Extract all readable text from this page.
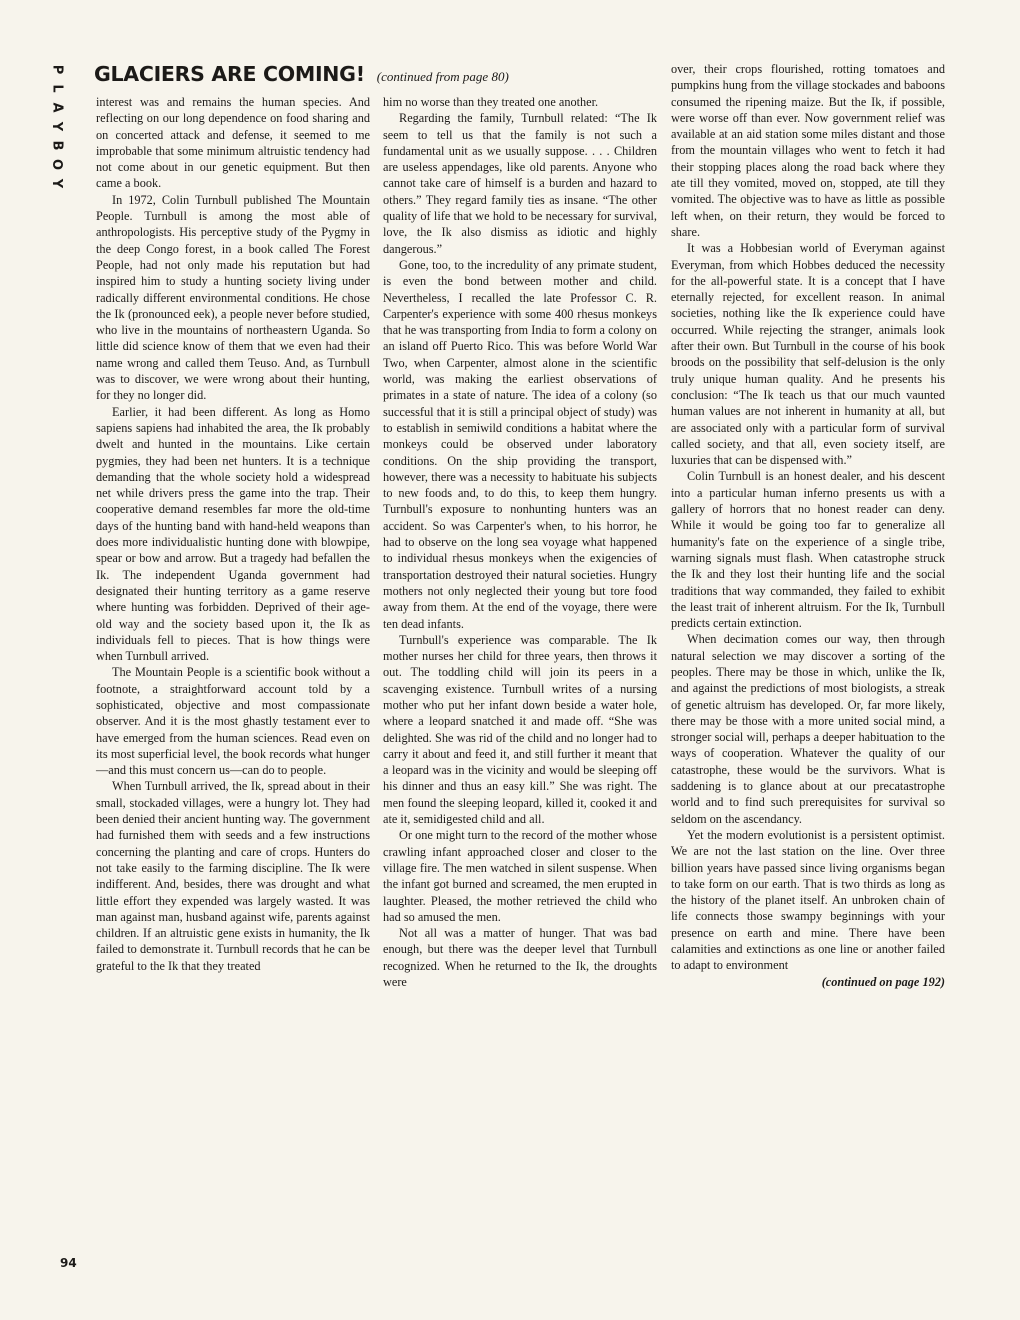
P
L
A
Y
B
O
Y
GLACIERS ARE COMING! (continued from page 80)

interest was and remains the human species. And reflecting on our long dependence on food sharing and on concerted attack and defense, it seemed to me improbable that some minimum altruistic tendency had not come about in our genetic equipment. But then came a book.

In 1972, Colin Turnbull published The Mountain People. Turnbull is among the most able of anthropologists. His perceptive study of the Pygmy in the deep Congo forest, in a book called The Forest People, had not only made his reputation but had inspired him to study a hunting society living under radically different environmental conditions. He chose the Ik (pronounced eek), a people never before studied, who live in the mountains of northeastern Uganda. So little did science know of them that we even had their name wrong and called them Teuso. And, as Turnbull was to discover, we were wrong about their hunting, for they no longer did.

Earlier, it had been different. As long as Homo sapiens sapiens had inhabited the area, the Ik probably dwelt and hunted in the mountains. Like certain pygmies, they had been net hunters. It is a technique demanding that the whole society hold a widespread net while drivers press the game into the trap. Their cooperative demand resembles far more the old-time days of the hunting band with hand-held weapons than does more individualistic hunting done with blowpipe, spear or bow and arrow. But a tragedy had befallen the Ik. The independent Uganda government had designated their hunting territory as a game reserve where hunting was forbidden. Deprived of their age-old way and the society based upon it, the Ik as individuals fell to pieces. That is how things were when Turnbull arrived.

The Mountain People is a scientific book without a footnote, a straightforward account told by a sophisticated, objective and most compassionate observer. And it is the most ghastly testament ever to have emerged from the human sciences. Read even on its most superficial level, the book records what hunger—and this must concern us—can do to people.

When Turnbull arrived, the Ik, spread about in their small, stockaded villages, were a hungry lot. They had been denied their ancient hunting way. The government had furnished them with seeds and a few instructions concerning the planting and care of crops. Hunters do not take easily to the farming discipline. The Ik were indifferent. And, besides, there was drought and what little effort they expended was largely wasted. It was man against man, husband against wife, parents against children. If an altruistic gene exists in humanity, the Ik failed to demonstrate it. Turnbull records that he can be grateful to the Ik that they treated

him no worse than they treated one another.

Regarding the family, Turnbull related: “The Ik seem to tell us that the family is not such a fundamental unit as we usually suppose. . . . Children are useless appendages, like old parents. Anyone who cannot take care of himself is a burden and hazard to others.” They regard family ties as insane. “The other quality of life that we hold to be necessary for survival, love, the Ik also dismiss as idiotic and highly dangerous.”

Gone, too, to the incredulity of any primate student, is even the bond between mother and child. Nevertheless, I recalled the late Professor C. R. Carpenter's experience with some 400 rhesus monkeys that he was transporting from India to form a colony on an island off Puerto Rico. This was before World War Two, when Carpenter, almost alone in the scientific world, was making the earliest observations of primates in a state of nature. The idea of a colony (so successful that it is still a principal object of study) was to establish in semiwild conditions a habitat where the monkeys could be observed under laboratory conditions. On the ship providing the transport, however, there was a necessity to habituate his subjects to new foods and, to do this, to keep them hungry. Turnbull's exposure to nonhunting hunters was an accident. So was Carpenter's when, to his horror, he had to observe on the long sea voyage what happened to individual rhesus monkeys when the exigencies of transportation destroyed their natural societies. Hungry mothers not only neglected their young but tore food away from them. At the end of the voyage, there were ten dead infants.

Turnbull's experience was comparable. The Ik mother nurses her child for three years, then throws it out. The toddling child will join its peers in a scavenging existence. Turnbull writes of a nursing mother who put her infant down beside a water hole, where a leopard snatched it and made off. “She was delighted. She was rid of the child and no longer had to carry it about and feed it, and still further it meant that a leopard was in the vicinity and would be sleeping off his dinner and thus an easy kill.” She was right. The men found the sleeping leopard, killed it, cooked it and ate it, semidigested child and all.

Or one might turn to the record of the mother whose crawling infant approached closer and closer to the village fire. The men watched in silent suspense. When the infant got burned and screamed, the men erupted in laughter. Pleased, the mother retrieved the child who had so amused the men.

Not all was a matter of hunger. That was bad enough, but there was the deeper level that Turnbull recognized. When he returned to the Ik, the droughts were

over, their crops flourished, rotting tomatoes and pumpkins hung from the village stockades and baboons consumed the ripening maize. But the Ik, if possible, were worse off than ever. Now government relief was available at an aid station some miles distant and those from the mountain villages who went to fetch it had their stopping places along the road back where they ate till they vomited, moved on, stopped, ate till they vomited. The objective was to have as little as possible left when, on their return, they would be forced to share.

It was a Hobbesian world of Everyman against Everyman, from which Hobbes deduced the necessity for the all-powerful state. It is a concept that I have eternally rejected, for excellent reason. In animal societies, nothing like the Ik experience could have occurred. While rejecting the stranger, animals look after their own. But Turnbull in the course of his book broods on the possibility that self-delusion is the only truly unique human quality. And he presents his conclusion: “The Ik teach us that our much vaunted human values are not inherent in humanity at all, but are associated only with a particular form of survival called society, and that all, even society itself, are luxuries that can be dispensed with.”

Colin Turnbull is an honest dealer, and his descent into a particular human inferno presents us with a gallery of horrors that no honest reader can deny. While it would be going too far to generalize all humanity's fate on the experience of a single tribe, warning signals must flash. When catastrophe struck the Ik and they lost their hunting life and the social traditions that way commanded, they failed to exhibit the least trait of inherent altruism. For the Ik, Turnbull predicts certain extinction.

When decimation comes our way, then through natural selection we may discover a sorting of the peoples. There may be those in which, unlike the Ik, and against the predictions of most biologists, a streak of genetic altruism has developed. Or, far more likely, there may be those with a more united social mind, a stronger social will, perhaps a deeper habituation to the ways of cooperation. Whatever the quality of our catastrophe, these would be the survivors. What is saddening is to glance about at our precatastrophe world and to find such prerequisites for survival so seldom on the ascendancy.

Yet the modern evolutionist is a persistent optimist. We are not the last station on the line. Over three billion years have passed since living organisms began to take form on our earth. That is two thirds as long as the history of the planet itself. An unbroken chain of life connects those swampy beginnings with your presence on earth and mine. There have been calamities and extinctions as one line or another failed to adapt to environment

(continued on page 192)

94
